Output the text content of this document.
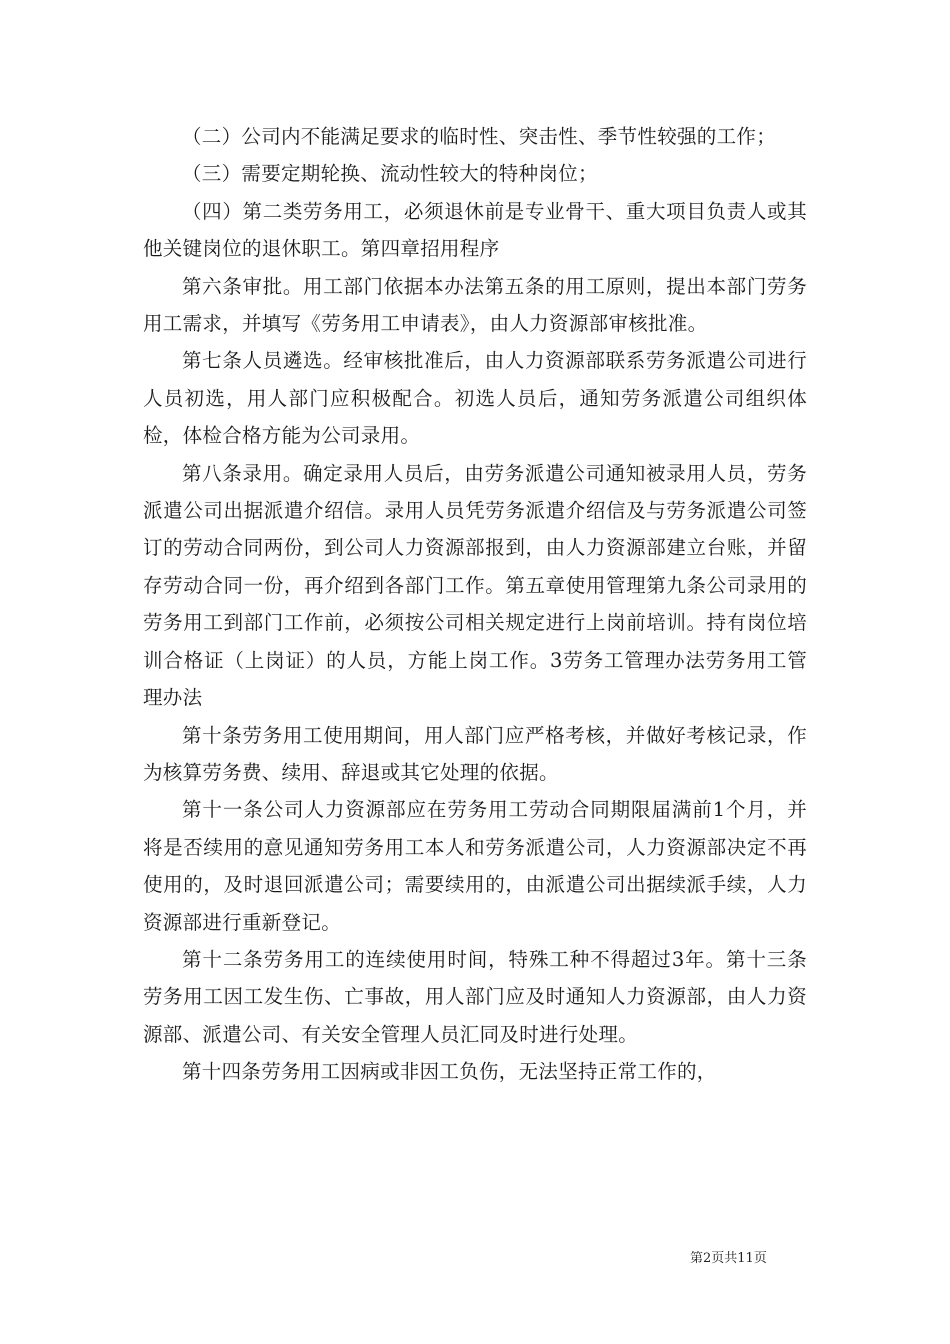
（二）公司内不能满足要求的临时性、突击性、季节性较强的工作；

（三）需要定期轮换、流动性较大的特种岗位；

（四）第二类劳务用工，必须退休前是专业骨干、重大项目负责人或其他关键岗位的退休职工。第四章招用程序

第六条审批。用工部门依据本办法第五条的用工原则，提出本部门劳务用工需求，并填写《劳务用工申请表》，由人力资源部审核批准。

第七条人员遴选。经审核批准后，由人力资源部联系劳务派遣公司进行人员初选，用人部门应积极配合。初选人员后，通知劳务派遣公司组织体检，体检合格方能为公司录用。

第八条录用。确定录用人员后，由劳务派遣公司通知被录用人员，劳务派遣公司出据派遣介绍信。录用人员凭劳务派遣介绍信及与劳务派遣公司签订的劳动合同两份，到公司人力资源部报到，由人力资源部建立台账，并留存劳动合同一份，再介绍到各部门工作。第五章使用管理第九条公司录用的劳务用工到部门工作前，必须按公司相关规定进行上岗前培训。持有岗位培训合格证（上岗证）的人员，方能上岗工作。3劳务工管理办法劳务用工管理办法

第十条劳务用工使用期间，用人部门应严格考核，并做好考核记录，作为核算劳务费、续用、辞退或其它处理的依据。

第十一条公司人力资源部应在劳务用工劳动合同期限届满前1个月，并将是否续用的意见通知劳务用工本人和劳务派遣公司，人力资源部决定不再使用的，及时退回派遣公司；需要续用的，由派遣公司出据续派手续，人力资源部进行重新登记。

第十二条劳务用工的连续使用时间，特殊工种不得超过3年。第十三条劳务用工因工发生伤、亡事故，用人部门应及时通知人力资源部，由人力资源部、派遣公司、有关安全管理人员汇同及时进行处理。

第十四条劳务用工因病或非因工负伤，无法坚持正常工作的，

第2页共11页
